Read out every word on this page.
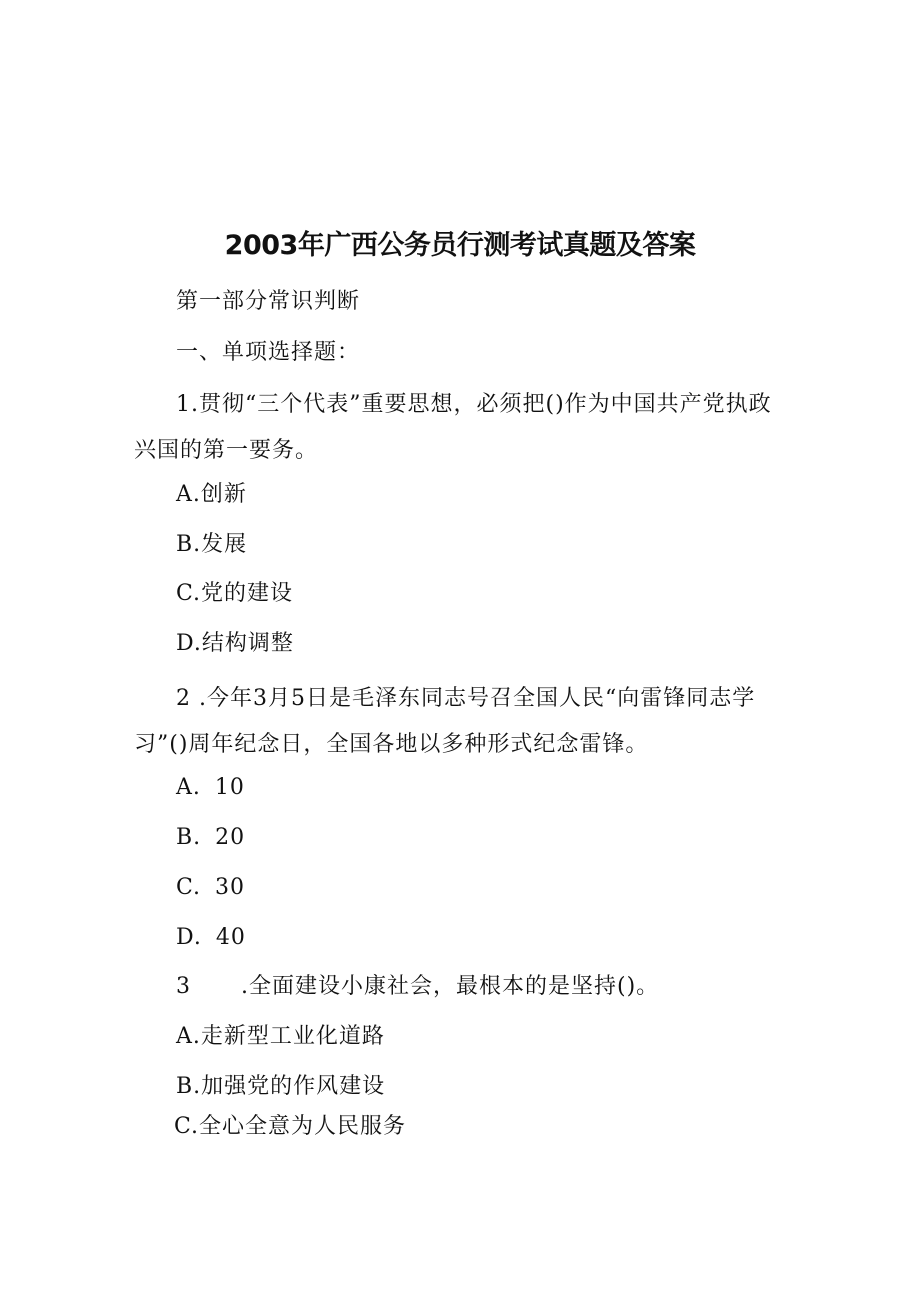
2003年广西公务员行测考试真题及答案
第一部分常识判断
一、单项选择题：
1.贯彻“三个代表”重要思想，必须把()作为中国共产党执政兴国的第一要务。
A.创新
B.发展
C.党的建设
D.结构调整
2 .今年3月5日是毛泽东同志号召全国人民“向雷锋同志学习”()周年纪念日，全国各地以多种形式纪念雷锋。
A. 10
B. 20
C. 30
D. 40
3 .全面建设小康社会，最根本的是坚持()。
A.走新型工业化道路
B.加强党的作风建设
C.全心全意为人民服务
